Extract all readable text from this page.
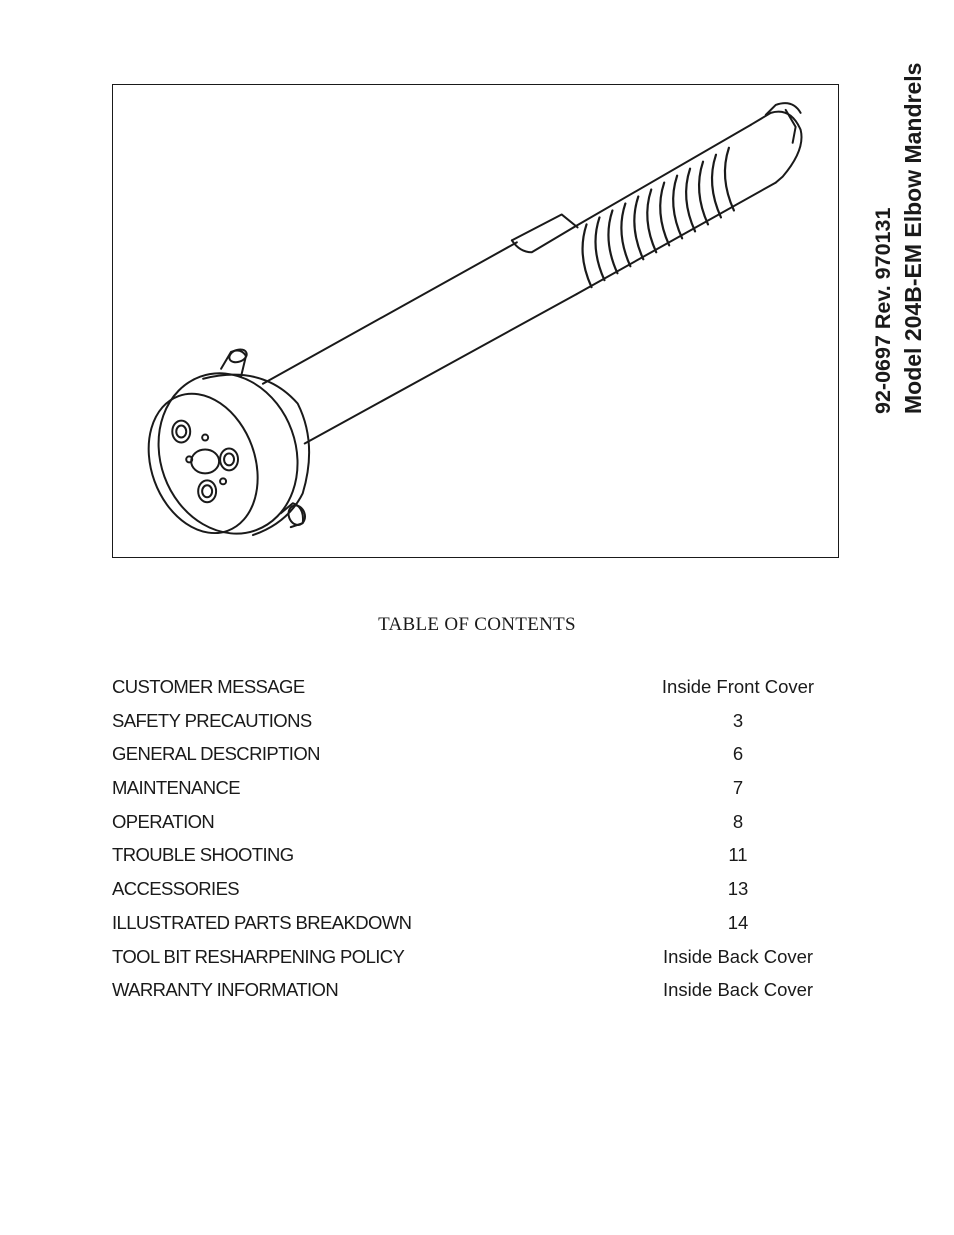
92-0697 Rev. 970131 Model 204B-EM Elbow Mandrels
TABLE OF CONTENTS
CUSTOMER MESSAGE	Inside Front Cover
SAFETY PRECAUTIONS	3
GENERAL DESCRIPTION	6
MAINTENANCE	7
OPERATION	8
TROUBLE SHOOTING	11
ACCESSORIES	13
ILLUSTRATED PARTS BREAKDOWN	14
TOOL BIT RESHARPENING POLICY	Inside Back Cover
WARRANTY INFORMATION	Inside Back Cover
